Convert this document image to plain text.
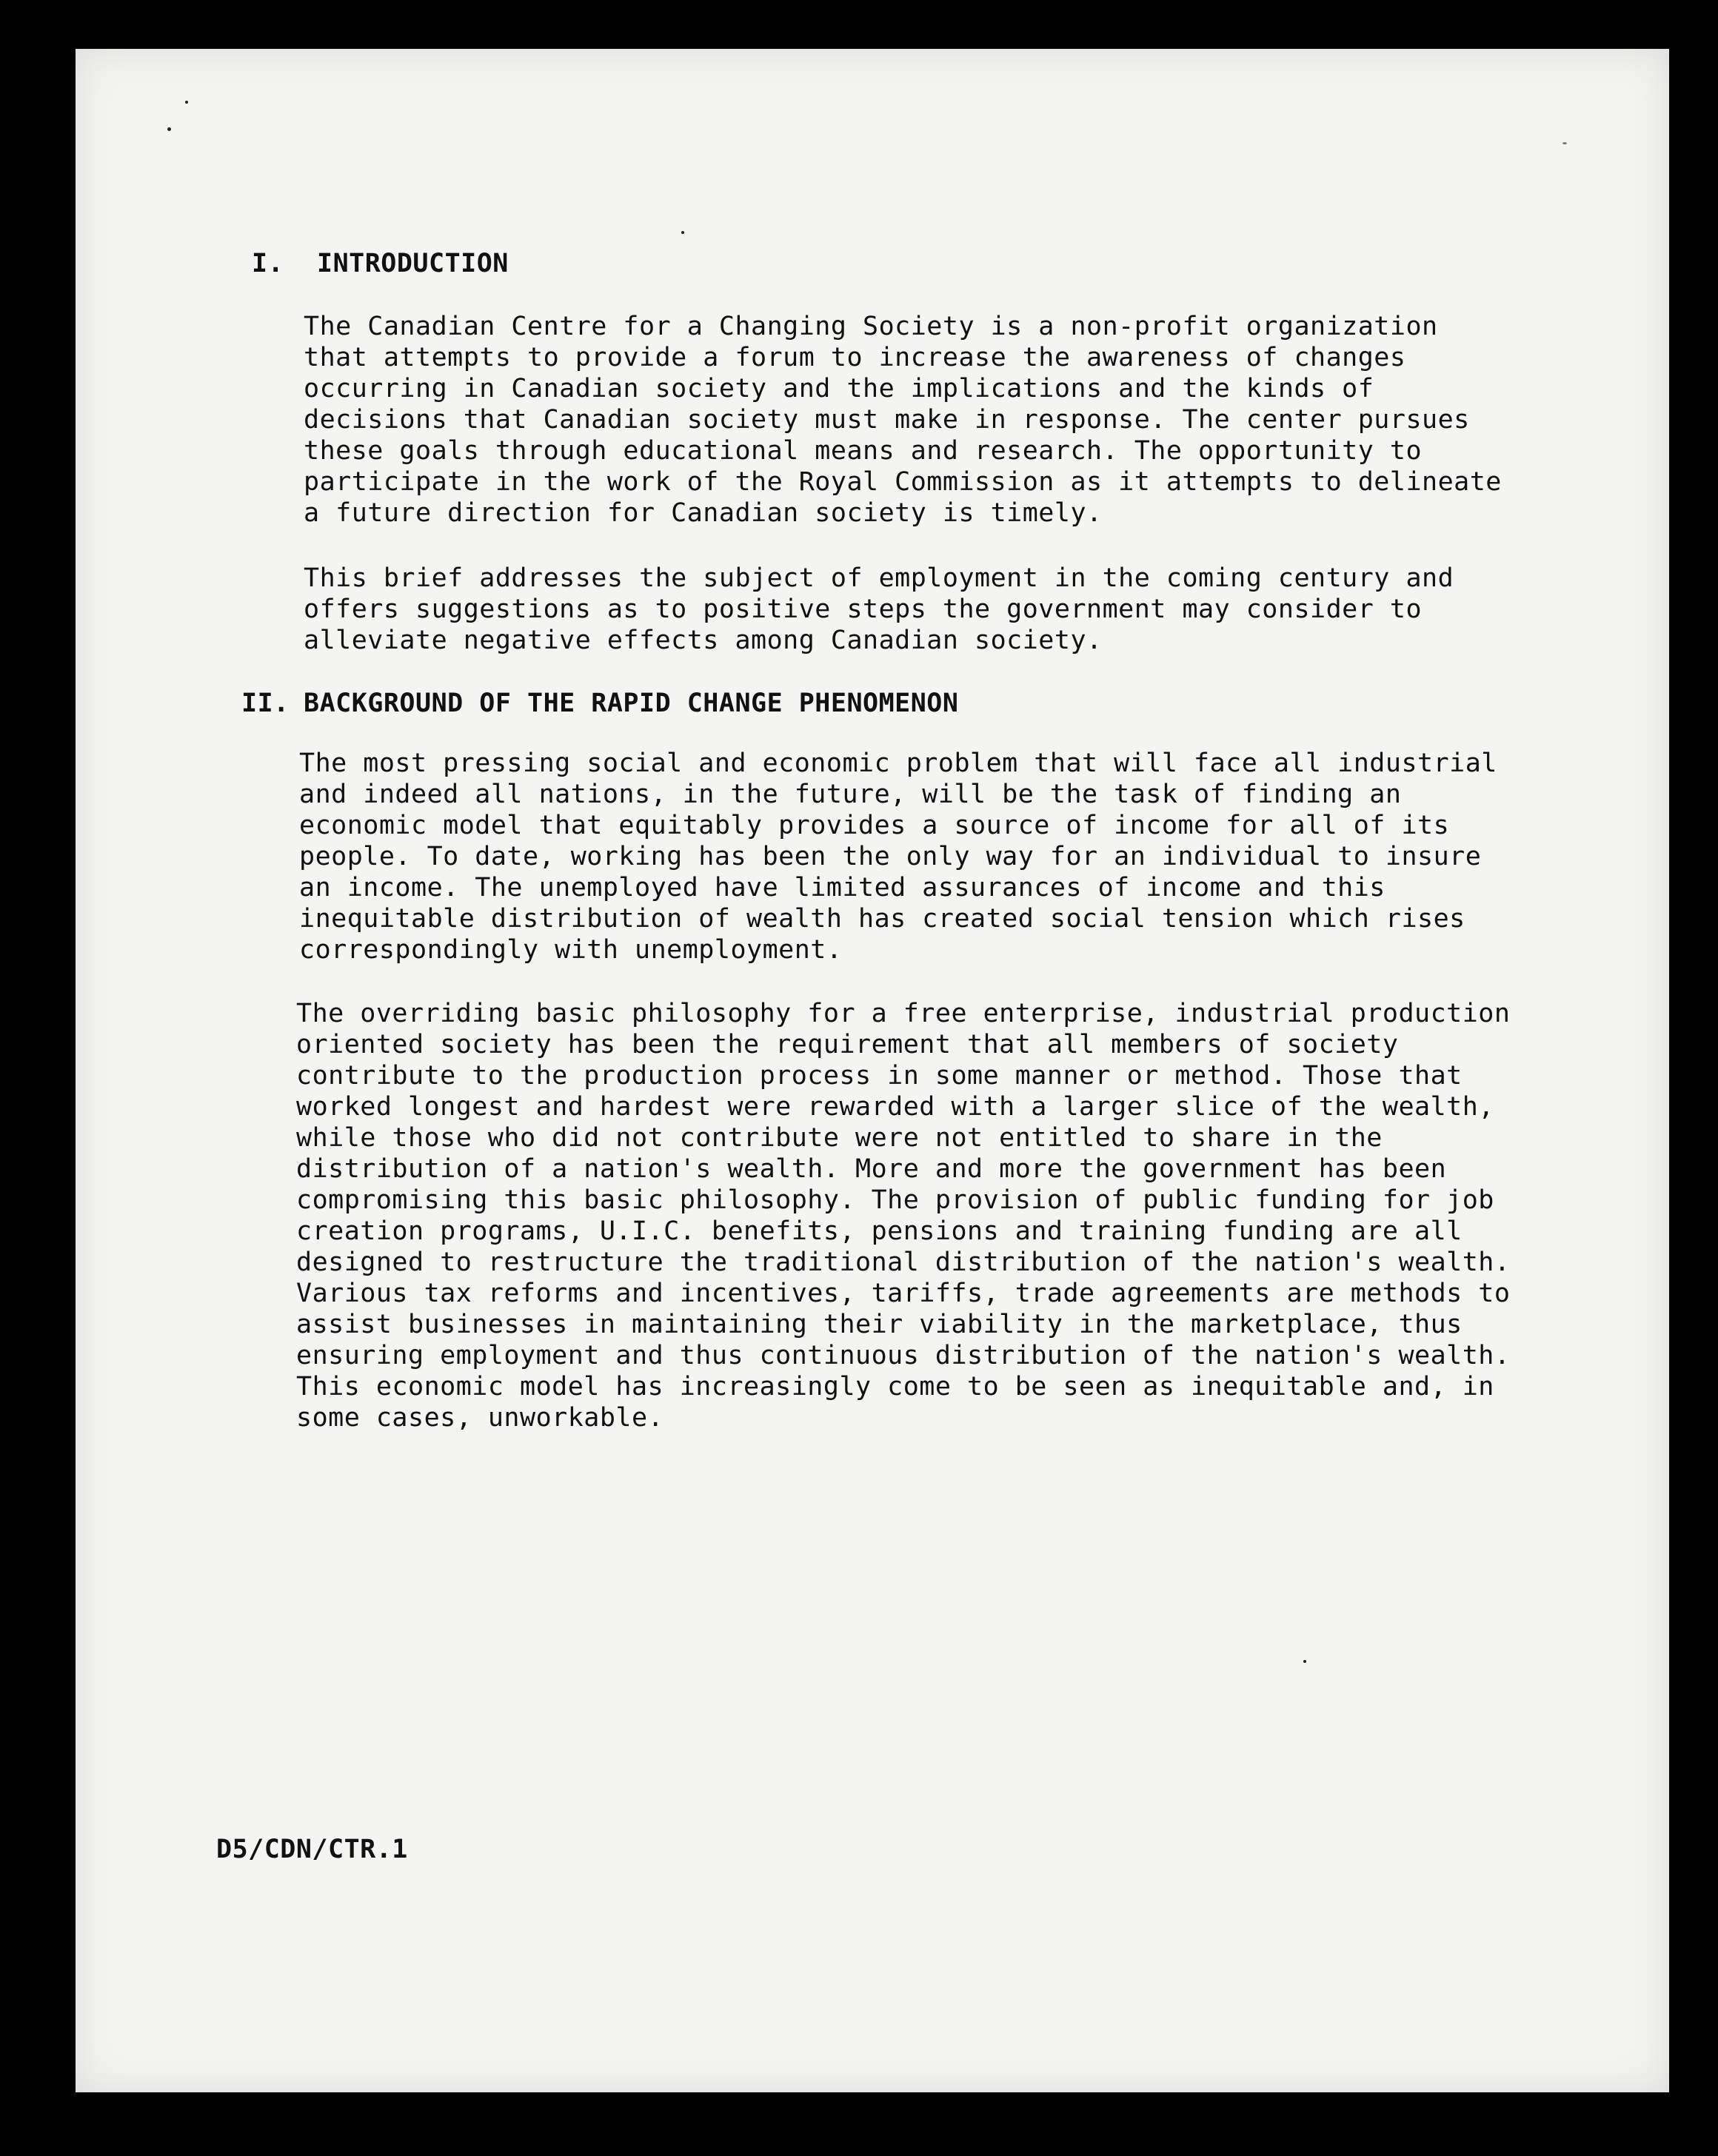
I. INTRODUCTION
The Canadian Centre for a Changing Society is a non-profit organization
that attempts to provide a forum to increase the awareness of changes
occurring in Canadian society and the implications and the kinds of
decisions that Canadian society must make in response. The center pursues
these goals through educational means and research. The opportunity to
participate in the work of the Royal Commission as it attempts to delineate
a future direction for Canadian society is timely.
This brief addresses the subject of employment in the coming century and
offers suggestions as to positive steps the government may consider to
alleviate negative effects among Canadian society.
II. BACKGROUND OF THE RAPID CHANGE PHENOMENON
The most pressing social and economic problem that will face all industrial
and indeed all nations, in the future, will be the task of finding an
economic model that equitably provides a source of income for all of its
people. To date, working has been the only way for an individual to insure
an income. The unemployed have limited assurances of income and this
inequitable distribution of wealth has created social tension which rises
correspondingly with unemployment.
The overriding basic philosophy for a free enterprise, industrial production
oriented society has been the requirement that all members of society
contribute to the production process in some manner or method. Those that
worked longest and hardest were rewarded with a larger slice of the wealth,
while those who did not contribute were not entitled to share in the
distribution of a nation's wealth. More and more the government has been
compromising this basic philosophy. The provision of public funding for job
creation programs, U.I.C. benefits, pensions and training funding are all
designed to restructure the traditional distribution of the nation's wealth.
Various tax reforms and incentives, tariffs, trade agreements are methods to
assist businesses in maintaining their viability in the marketplace, thus
ensuring employment and thus continuous distribution of the nation's wealth.
This economic model has increasingly come to be seen as inequitable and, in
some cases, unworkable.
D5/CDN/CTR.1
